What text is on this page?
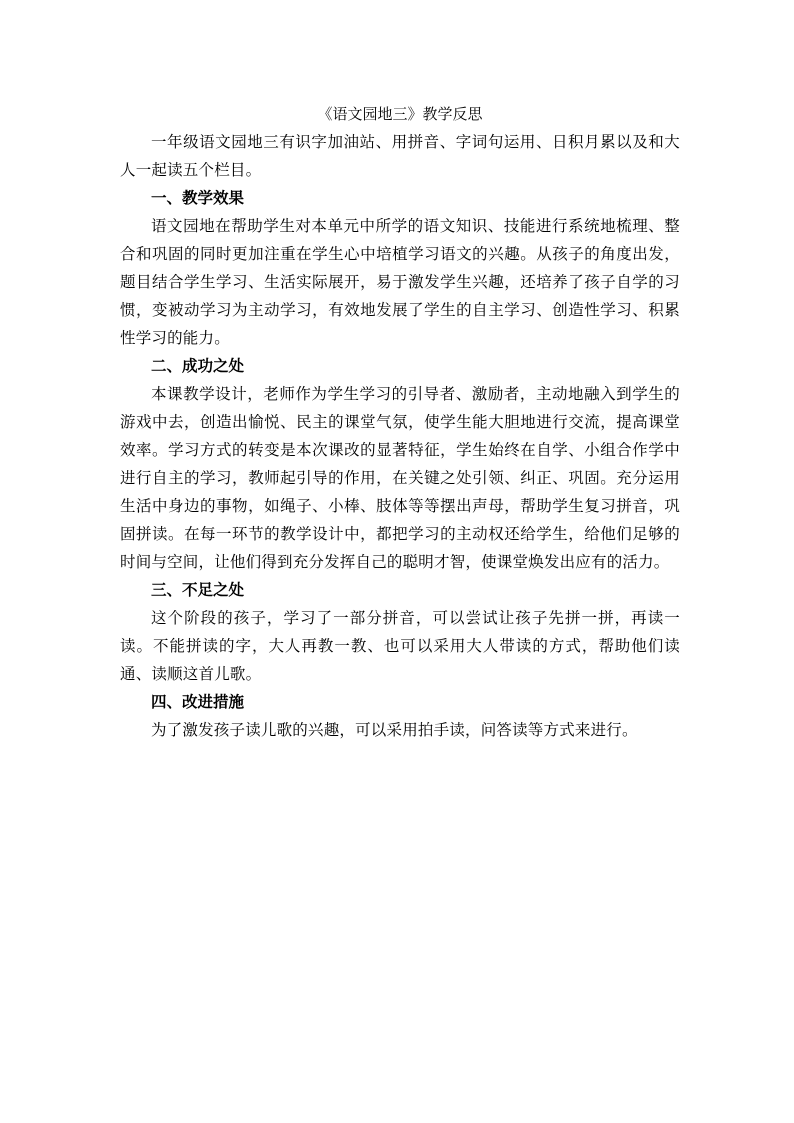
《语文园地三》教学反思

一年级语文园地三有识字加油站、用拼音、字词句运用、日积月累以及和大人一起读五个栏目。

一、教学效果

语文园地在帮助学生对本单元中所学的语文知识、技能进行系统地梳理、整合和巩固的同时更加注重在学生心中培植学习语文的兴趣。从孩子的角度出发，题目结合学生学习、生活实际展开，易于激发学生兴趣，还培养了孩子自学的习惯，变被动学习为主动学习，有效地发展了学生的自主学习、创造性学习、积累性学习的能力。

二、成功之处

本课教学设计，老师作为学生学习的引导者、激励者，主动地融入到学生的游戏中去，创造出愉悦、民主的课堂气氛，使学生能大胆地进行交流，提高课堂效率。学习方式的转变是本次课改的显著特征，学生始终在自学、小组合作学中进行自主的学习，教师起引导的作用，在关键之处引领、纠正、巩固。充分运用生活中身边的事物，如绳子、小棒、肢体等等摆出声母，帮助学生复习拼音，巩固拼读。在每一环节的教学设计中，都把学习的主动权还给学生，给他们足够的时间与空间，让他们得到充分发挥自己的聪明才智，使课堂焕发出应有的活力。

三、不足之处

这个阶段的孩子，学习了一部分拼音，可以尝试让孩子先拼一拼，再读一读。不能拼读的字，大人再教一教、也可以采用大人带读的方式，帮助他们读通、读顺这首儿歌。

四、改进措施

为了激发孩子读儿歌的兴趣，可以采用拍手读，问答读等方式来进行。
